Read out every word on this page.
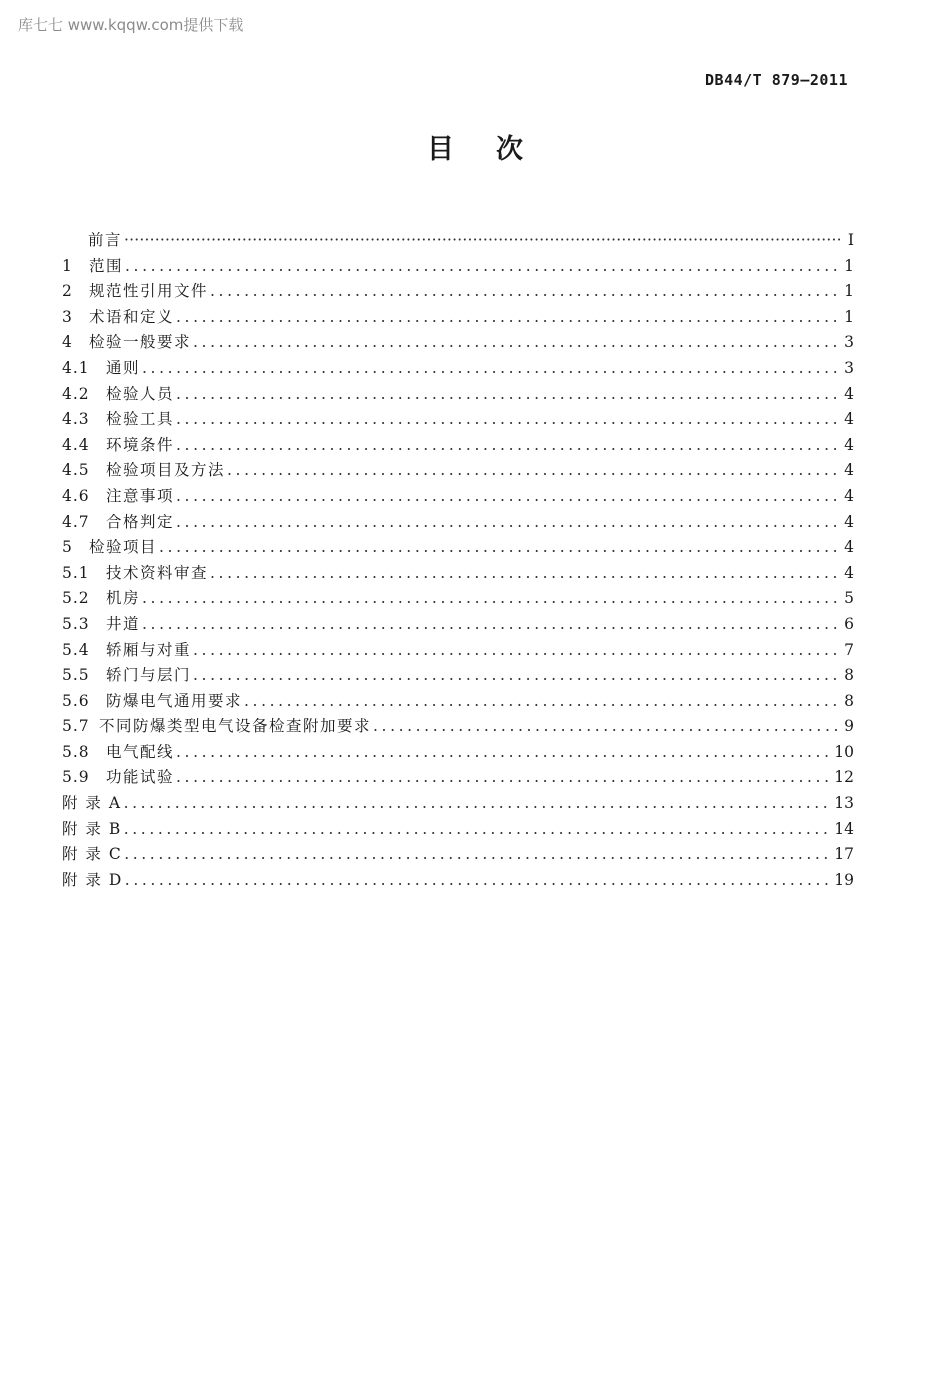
库七七 www.kqqw.com提供下载
DB44/T 879—2011
目次
前言 ·····	I
1	范围 .....	1
2	规范性引用文件 .....	1
3	术语和定义 .....	1
4	检验一般要求 .....	3
4.1	通则 .....	3
4.2	检验人员 .....	4
4.3	检验工具 .....	4
4.4	环境条件 .....	4
4.5	检验项目及方法 .....	4
4.6	注意事项 .....	4
4.7	合格判定 .....	4
5	检验项目 .....	4
5.1	技术资料审查 .....	4
5.2	机房 .....	5
5.3	井道 .....	6
5.4	轿厢与对重 .....	7
5.5	轿门与层门 .....	8
5.6	防爆电气通用要求 .....	8
5.7 不同防爆类型电气设备检查附加要求 .....	9
5.8	电气配线 .....	10
5.9	功能试验 .....	12
附 录 A .....	13
附 录 B .....	14
附 录 C .....	17
附 录 D .....	19
